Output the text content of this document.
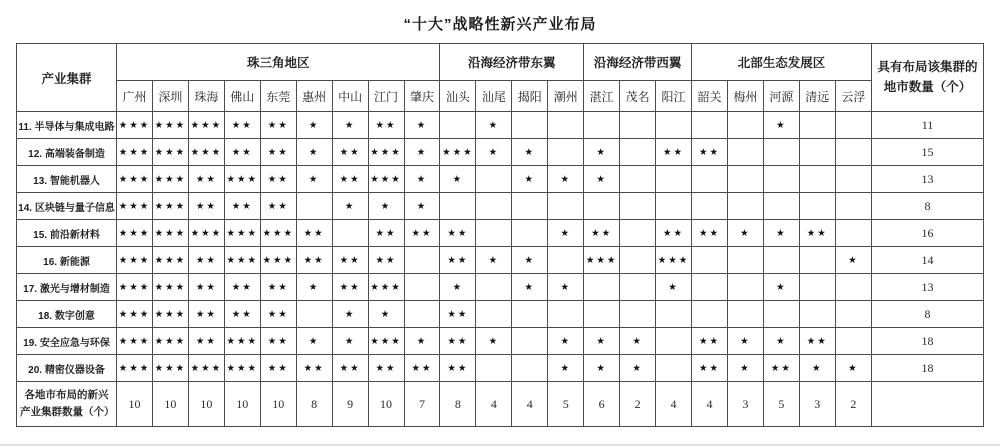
“十大”战略性新兴产业布局
产业集群	珠三角地区									沿海经济带东翼				沿海经济带西翼			北部生态发展区					具有布局该集群的地市数量（个）
	广州	深圳	珠海	佛山	东莞	惠州	中山	江门	肇庆	汕头	汕尾	揭阳	潮州	湛江	茂名	阳江	韶关	梅州	河源	清远	云浮	
11. 半导体与集成电路	★★★	★★★	★★★	★★	★★	★	★	★★	★		★								★			11
12. 高端装备制造	★★★	★★★	★★★	★★	★★	★	★★	★★★	★	★★★	★	★		★		★★	★★					15
13. 智能机器人	★★★	★★★	★★	★★★	★★	★	★★	★★★	★	★		★	★	★								13
14. 区块链与量子信息	★★★	★★★	★★	★★	★★		★	★	★													8
15. 前沿新材料	★★★	★★★	★★★	★★★	★★★	★★		★★	★★	★★			★	★★		★★	★★	★	★	★★		16
16. 新能源	★★★	★★★	★★	★★★	★★★	★★	★★	★★		★★	★	★		★★★		★★★					★	14
17. 激光与增材制造	★★★	★★★	★★	★★	★★	★	★★	★★★		★		★	★			★			★			13
18. 数字创意	★★★	★★★	★★	★★	★★		★	★		★★												8
19. 安全应急与环保	★★★	★★★	★★	★★★	★★	★	★	★★★	★	★★	★		★	★	★		★★	★	★	★★		18
20. 精密仪器设备	★★★	★★★	★★★	★★★	★★	★★	★★	★★	★★	★★			★	★	★		★★	★	★★	★	★	18
各地市布局的新兴产业集群数量（个）	10	10	10	10	10	8	9	10	7	8	4	4	5	6	2	4	4	3	5	3	2	
